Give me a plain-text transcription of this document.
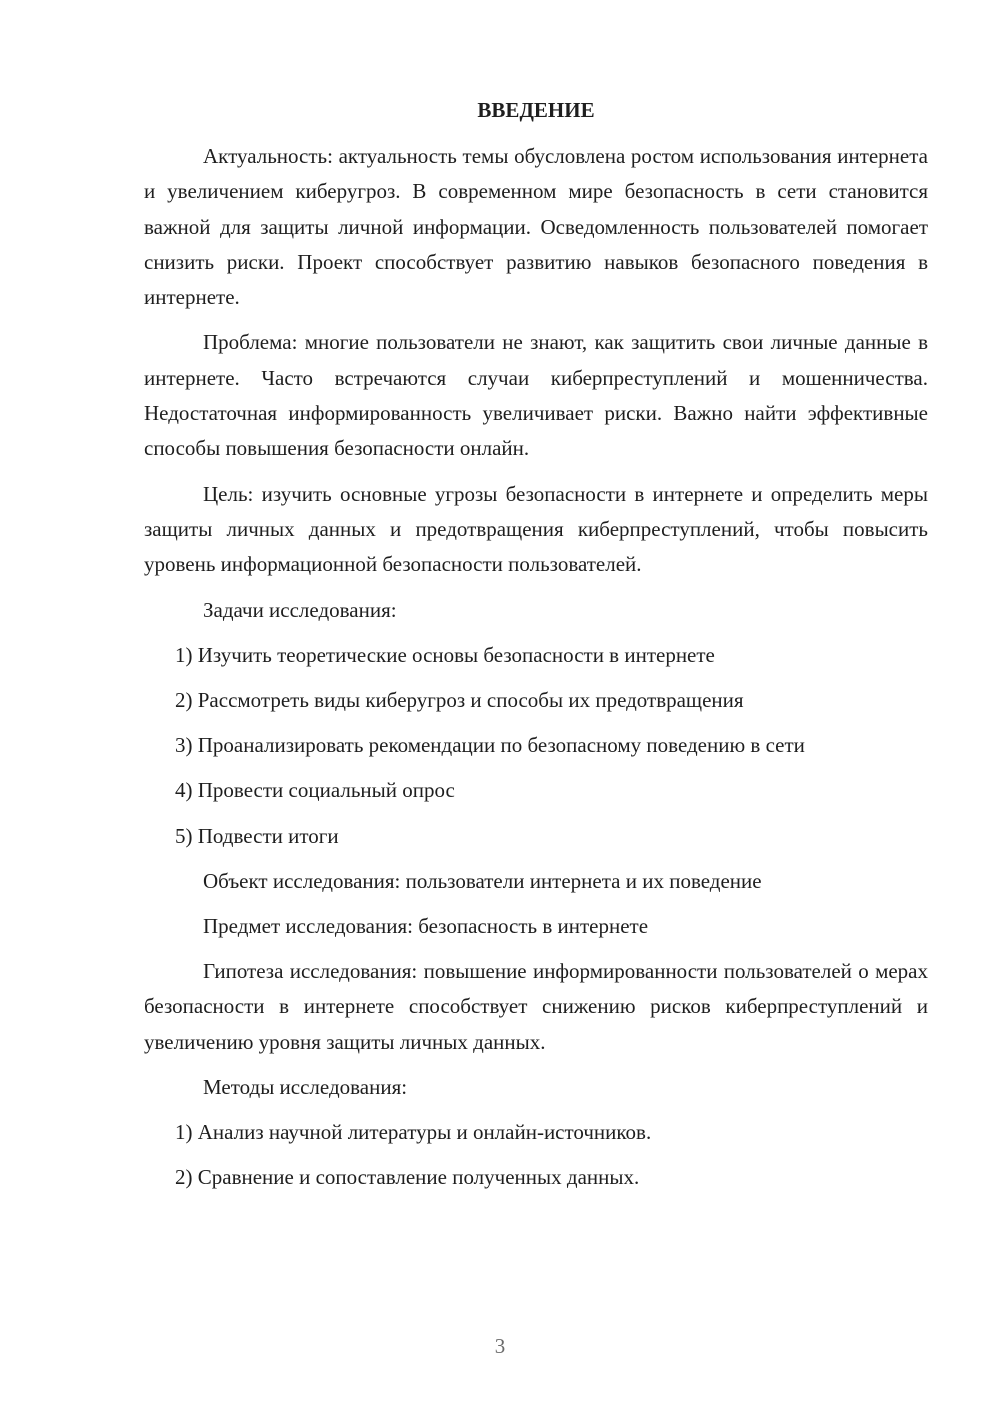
ВВЕДЕНИЕ
Актуальность: актуальность темы обусловлена ростом использования интернета и увеличением киберугроз. В современном мире безопасность в сети становится важной для защиты личной информации. Осведомленность пользователей помогает снизить риски. Проект способствует развитию навыков безопасного поведения в интернете.
Проблема: многие пользователи не знают, как защитить свои личные данные в интернете. Часто встречаются случаи киберпреступлений и мошенничества. Недостаточная информированность увеличивает риски. Важно найти эффективные способы повышения безопасности онлайн.
Цель: изучить основные угрозы безопасности в интернете и определить меры защиты личных данных и предотвращения киберпреступлений, чтобы повысить уровень информационной безопасности пользователей.
Задачи исследования:
1) Изучить теоретические основы безопасности в интернете
2) Рассмотреть виды киберугроз и способы их предотвращения
3) Проанализировать рекомендации по безопасному поведению в сети
4) Провести социальный опрос
5) Подвести итоги
Объект исследования: пользователи интернета и их поведение
Предмет исследования: безопасность в интернете
Гипотеза исследования: повышение информированности пользователей о мерах безопасности в интернете способствует снижению рисков киберпреступлений и увеличению уровня защиты личных данных.
Методы исследования:
1) Анализ научной литературы и онлайн-источников.
2) Сравнение и сопоставление полученных данных.
3
